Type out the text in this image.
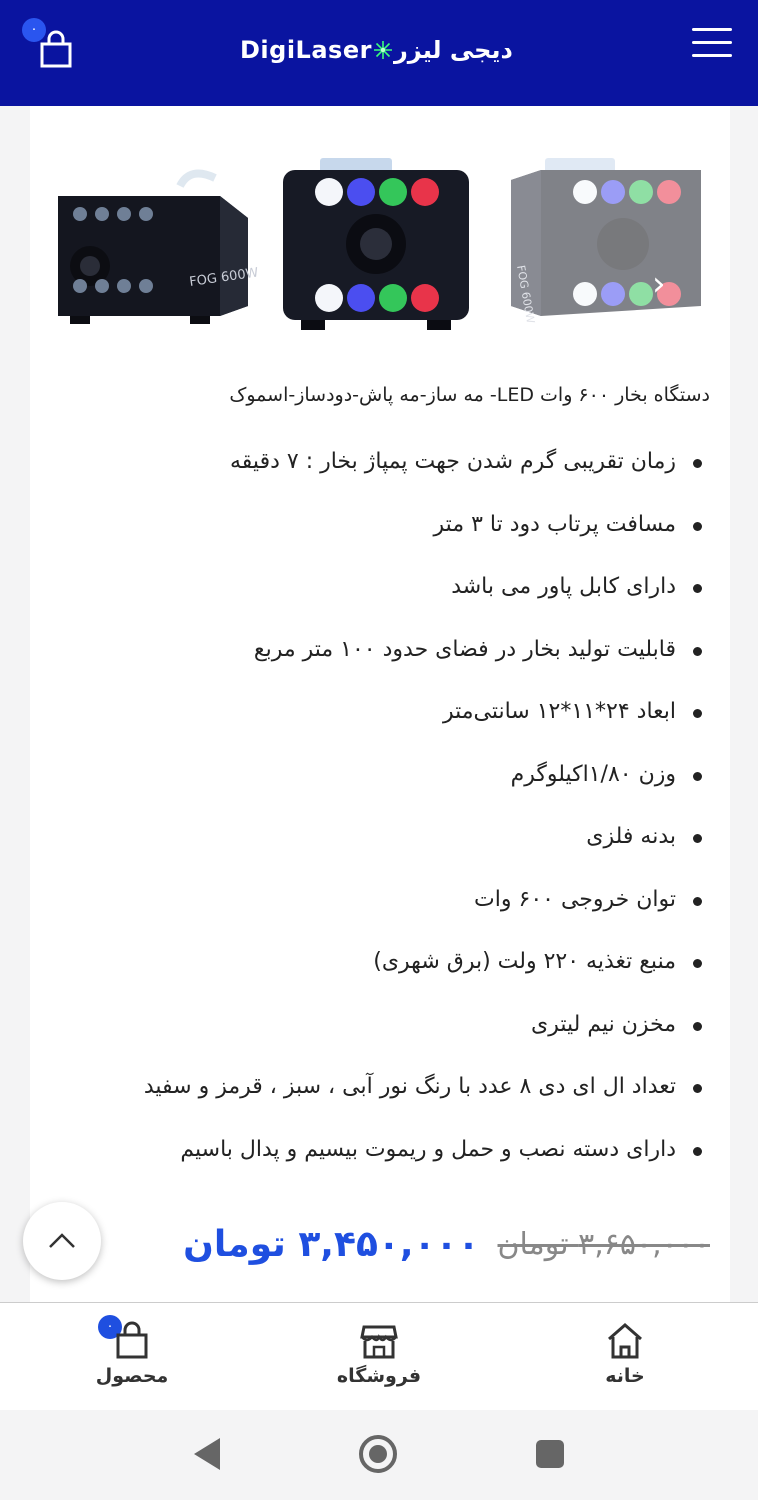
۰
DigiLaser دیجی لیزر
FOG 600W	FOG 600W	›
دستگاه بخار ۶۰۰ وات LED- مه ساز-مه پاش-دودساز-اسموک
زمان تقریبی گرم شدن جهت پمپاژ بخار : ۷ دقیقه
مسافت پرتاب دود تا ۳ متر
دارای کابل پاور می باشد
قابلیت تولید بخار در فضای حدود ۱۰۰ متر مربع
ابعاد ۲۴*۱۱*۱۲ سانتی‌متر
وزن ۱/۸۰اکیلوگرم
بدنه فلزی
توان خروجی ۶۰۰ وات
منبع تغذیه ۲۲۰ ولت (برق شهری)
مخزن نیم لیتری
تعداد ال ای دی ۸ عدد با رنگ نور آبی ، سبز ، قرمز و سفید
دارای دسته نصب و حمل و ریموت بیسیم و پدال باسیم
۳,۶۵۰,۰۰۰ تومان
۳,۴۵۰,۰۰۰ تومان
۰
محصول	فروشگاه	خانه
